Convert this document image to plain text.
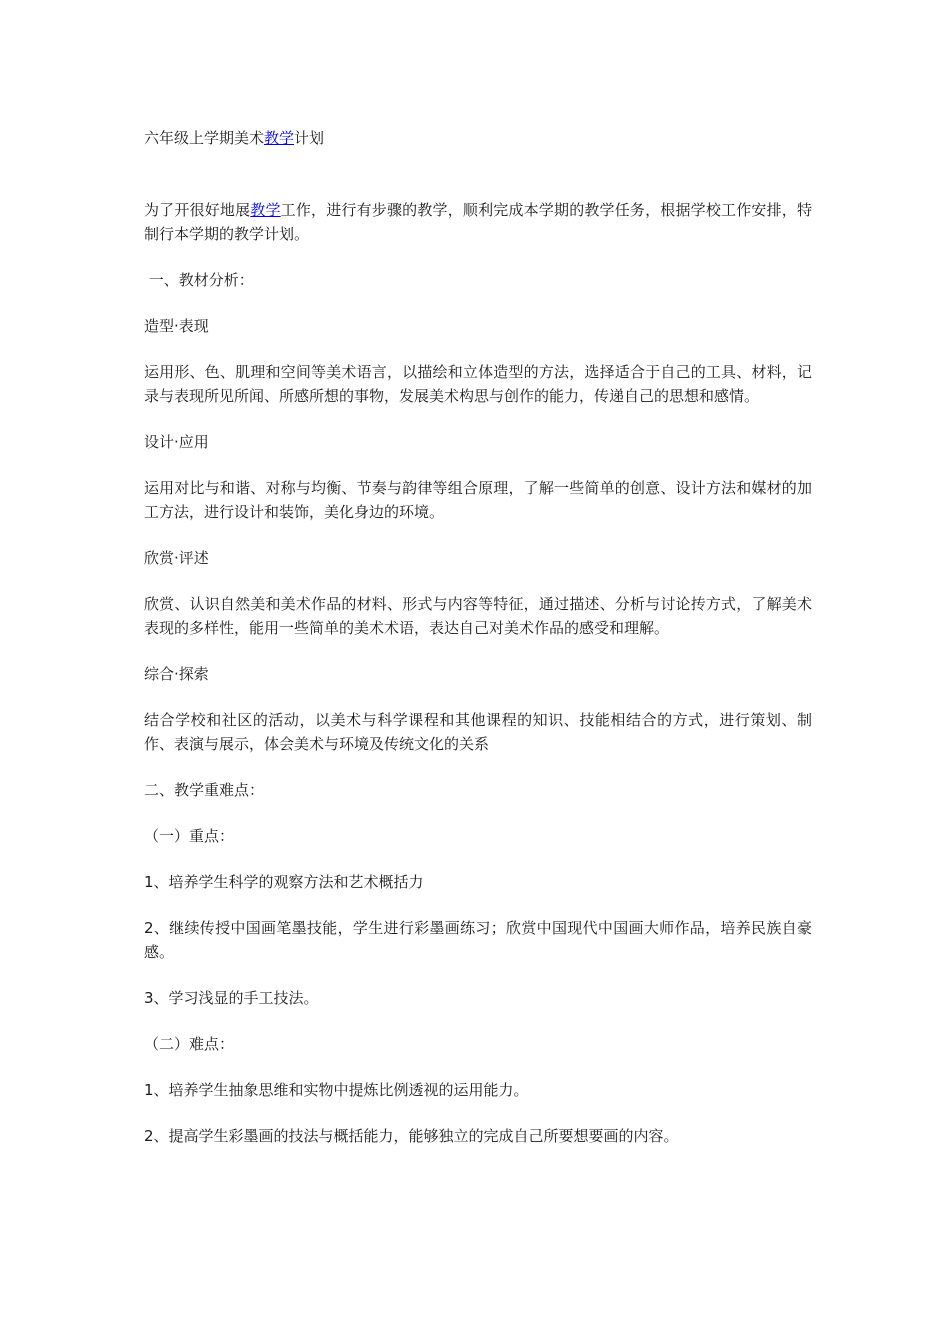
六年级上学期美术教学计划

为了开很好地展教学工作，进行有步骤的教学，顺利完成本学期的教学任务，根据学校工作安排，特制行本学期的教学计划。

一、教材分析：

造型·表现

运用形、色、肌理和空间等美术语言，以描绘和立体造型的方法，选择适合于自己的工具、材料，记录与表现所见所闻、所感所想的事物，发展美术构思与创作的能力，传递自己的思想和感情。

设计·应用

运用对比与和谐、对称与均衡、节奏与韵律等组合原理，了解一些简单的创意、设计方法和媒材的加工方法，进行设计和装饰，美化身边的环境。

欣赏·评述

欣赏、认识自然美和美术作品的材料、形式与内容等特征，通过描述、分析与讨论抟方式，了解美术表现的多样性，能用一些简单的美术术语，表达自己对美术作品的感受和理解。

综合·探索

结合学校和社区的活动，以美术与科学课程和其他课程的知识、技能相结合的方式，进行策划、制作、表演与展示，体会美术与环境及传统文化的关系

二、教学重难点：

（一）重点：

1、培养学生科学的观察方法和艺术概括力

2、继续传授中国画笔墨技能，学生进行彩墨画练习；欣赏中国现代中国画大师作品，培养民族自豪感。

3、学习浅显的手工技法。

（二）难点：

1、培养学生抽象思维和实物中提炼比例透视的运用能力。

2、提高学生彩墨画的技法与概括能力，能够独立的完成自己所要想要画的内容。
